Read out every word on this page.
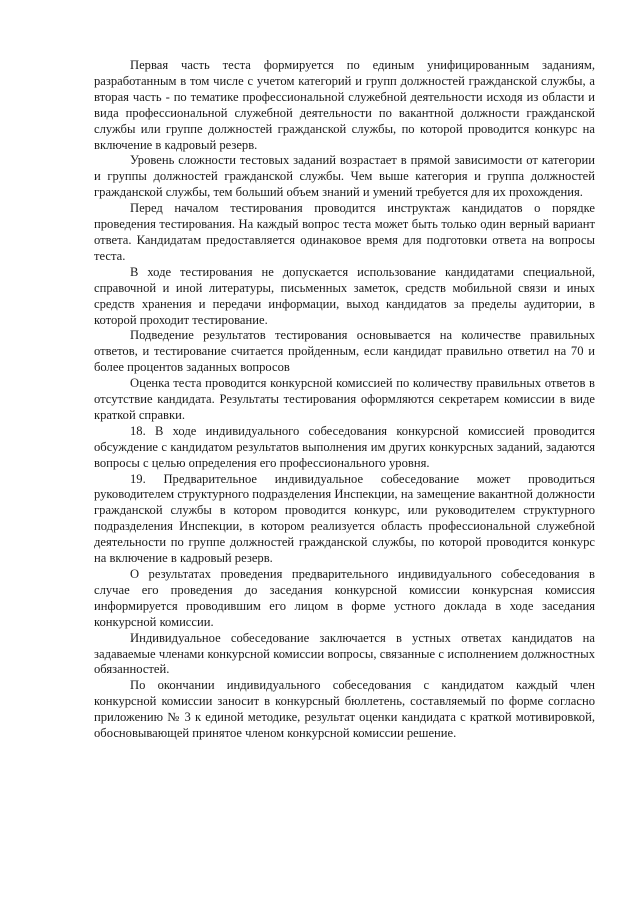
Первая часть теста формируется по единым унифицированным заданиям, разработанным в том числе с учетом категорий и групп должностей гражданской службы, а вторая часть - по тематике профессиональной служебной деятельности исходя из области и вида профессиональной служебной деятельности по вакантной должности гражданской службы или группе должностей гражданской службы, по которой проводится конкурс на включение в кадровый резерв.

Уровень сложности тестовых заданий возрастает в прямой зависимости от категории и группы должностей гражданской службы. Чем выше категория и группа должностей гражданской службы, тем больший объем знаний и умений требуется для их прохождения.

Перед началом тестирования проводится инструктаж кандидатов о порядке проведения тестирования. На каждый вопрос теста может быть только один верный вариант ответа. Кандидатам предоставляется одинаковое время для подготовки ответа на вопросы теста.

В ходе тестирования не допускается использование кандидатами специальной, справочной и иной литературы, письменных заметок, средств мобильной связи и иных средств хранения и передачи информации, выход кандидатов за пределы аудитории, в которой проходит тестирование.

Подведение результатов тестирования основывается на количестве правильных ответов, и тестирование считается пройденным, если кандидат правильно ответил на 70 и более процентов заданных вопросов

Оценка теста проводится конкурсной комиссией по количеству правильных ответов в отсутствие кандидата. Результаты тестирования оформляются секретарем комиссии в виде краткой справки.

18. В ходе индивидуального собеседования конкурсной комиссией проводится обсуждение с кандидатом результатов выполнения им других конкурсных заданий, задаются вопросы с целью определения его профессионального уровня.

19. Предварительное индивидуальное собеседование может проводиться руководителем структурного подразделения Инспекции, на замещение вакантной должности гражданской службы в котором проводится конкурс, или руководителем структурного подразделения Инспекции, в котором реализуется область профессиональной служебной деятельности по группе должностей гражданской службы, по которой проводится конкурс на включение в кадровый резерв.

О результатах проведения предварительного индивидуального собеседования в случае его проведения до заседания конкурсной комиссии конкурсная комиссия информируется проводившим его лицом в форме устного доклада в ходе заседания конкурсной комиссии.

Индивидуальное собеседование заключается в устных ответах кандидатов на задаваемые членами конкурсной комиссии вопросы, связанные с исполнением должностных обязанностей.

По окончании индивидуального собеседования с кандидатом каждый член конкурсной комиссии заносит в конкурсный бюллетень, составляемый по форме согласно приложению № 3 к единой методике, результат оценки кандидата с краткой мотивировкой, обосновывающей принятое членом конкурсной комиссии решение.
